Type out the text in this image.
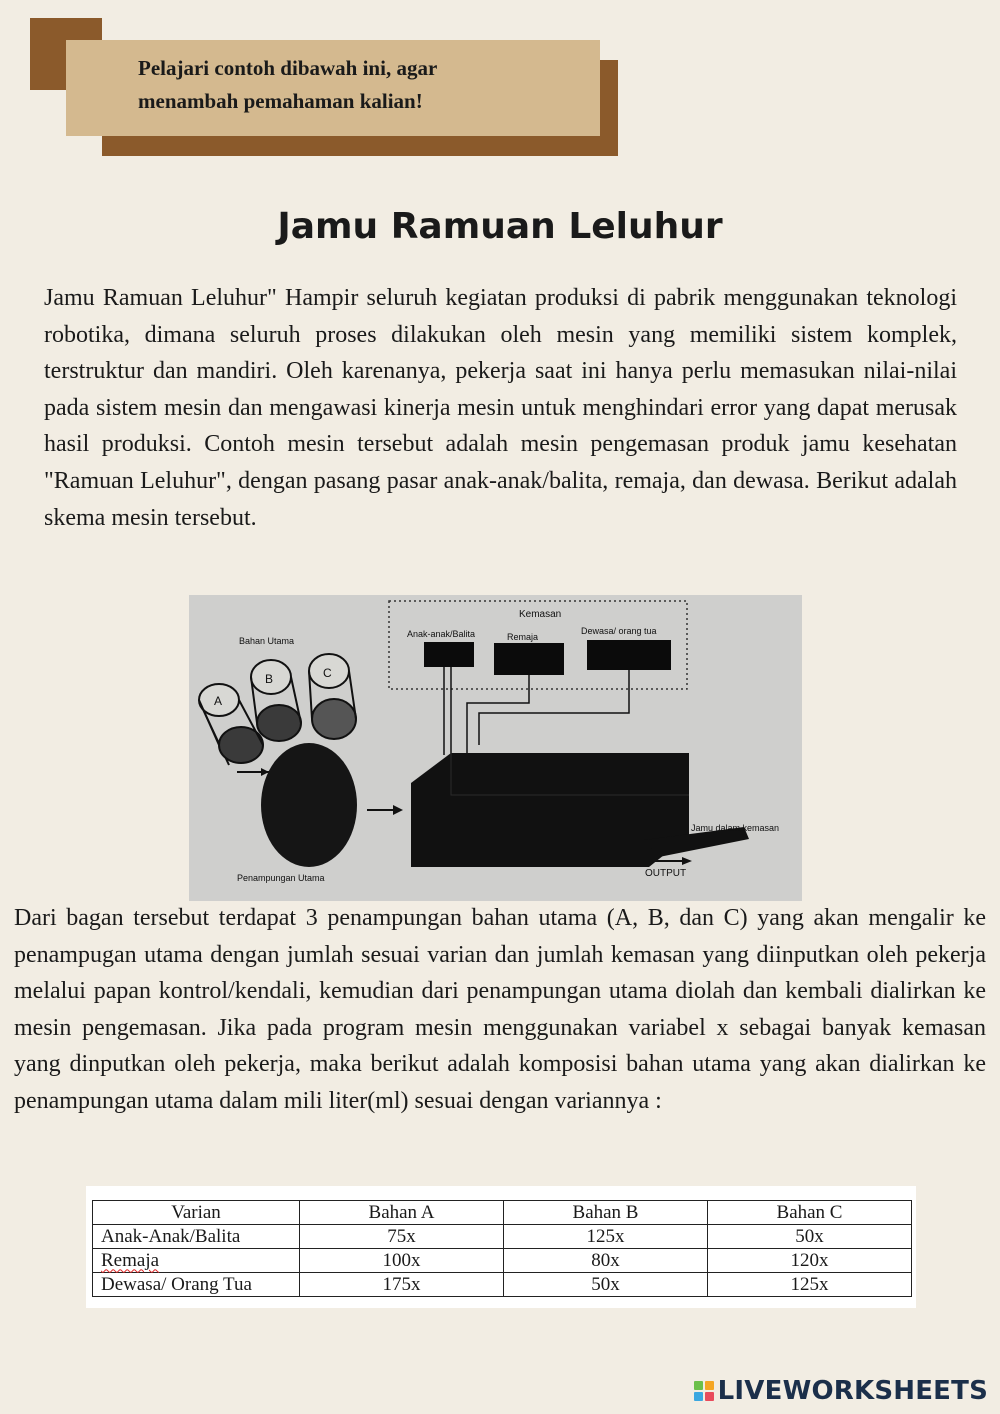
Pelajari contoh dibawah ini, agar
menambah pemahaman kalian!

Jamu Ramuan Leluhur

Jamu Ramuan Leluhur" Hampir seluruh kegiatan produksi di pabrik menggunakan teknologi robotika, dimana seluruh proses dilakukan oleh mesin yang memiliki sistem komplek, terstruktur dan mandiri. Oleh karenanya, pekerja saat ini hanya perlu memasukan nilai-nilai pada sistem mesin dan mengawasi kinerja mesin untuk menghindari error yang dapat merusak hasil produksi. Contoh mesin tersebut adalah mesin pengemasan produk jamu kesehatan "Ramuan Leluhur", dengan pasang pasar anak-anak/balita, remaja, dan dewasa. Berikut adalah skema mesin tersebut.

Kemasan
Anak-anak/Balita	Remaja
Dewasa/ orang tua
Bahan Utama
A
B	C
Penampungan Utama
Jamu dalam kemasan
OUTPUT

Dari bagan tersebut terdapat 3 penampungan bahan utama (A, B, dan C) yang akan mengalir ke penampugan utama dengan jumlah sesuai varian dan jumlah kemasan yang diinputkan oleh pekerja melalui papan kontrol/kendali, kemudian dari penampungan utama diolah dan kembali dialirkan ke mesin pengemasan. Jika pada program mesin menggunakan variabel x sebagai banyak kemasan yang dinputkan oleh pekerja, maka berikut adalah komposisi bahan utama yang akan dialirkan ke penampungan utama dalam mili liter(ml) sesuai dengan variannya :

Varian	Bahan A	Bahan B	Bahan C
Anak-Anak/Balita	75x	125x	50x
Remaja	100x	80x	120x
Dewasa/ Orang Tua	175x	50x	125x
LIVEWORKSHEETS
